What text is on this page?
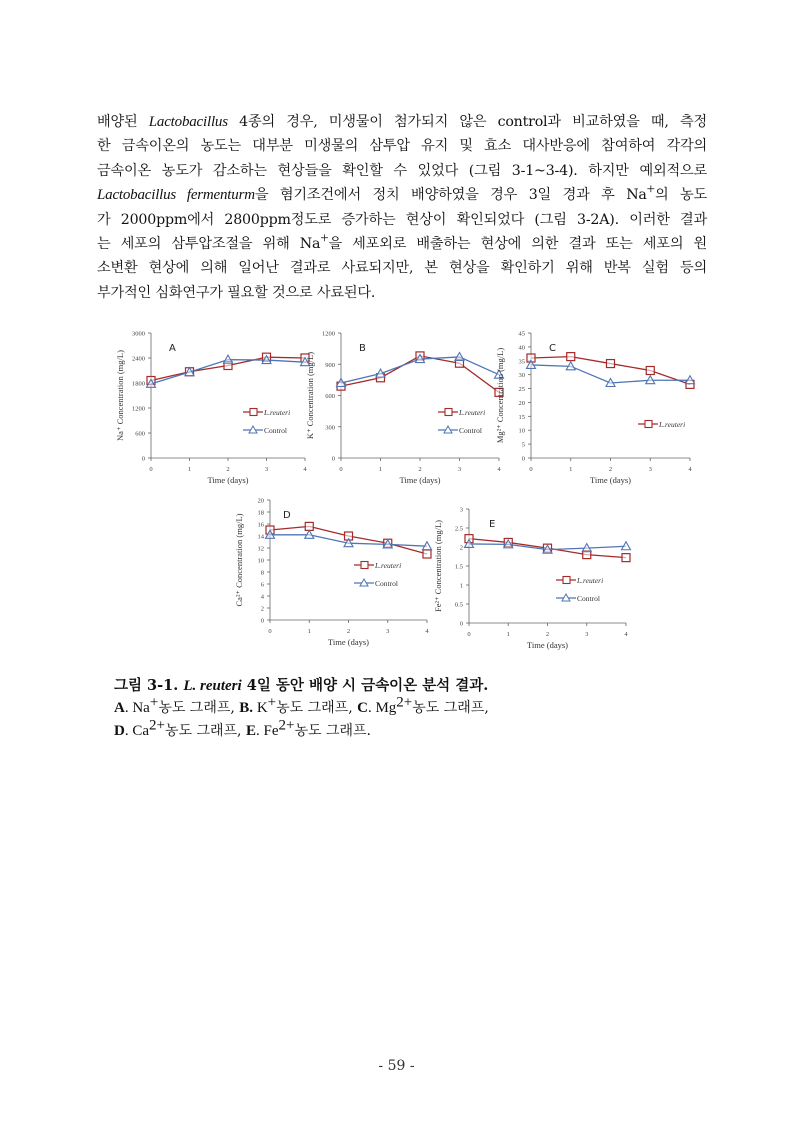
배양된 Lactobacillus 4종의 경우, 미생물이 첨가되지 않은 control과 비교하였을 때, 측정
한 금속이온의 농도는 대부분 미생물의 삼투압 유지 및 효소 대사반응에 참여하여 각각의
금속이온 농도가 감소하는 현상들을 확인할 수 있었다 (그림 3-1~3-4). 하지만 예외적으로
Lactobacillus fermenturm을 혐기조건에서 정치 배양하였을 경우 3일 경과 후 Na+의 농도
가 2000ppm에서 2800ppm정도로 증가하는 현상이 확인되었다 (그림 3-2A). 이러한 결과
는 세포의 삼투압조절을 위해 Na+을 세포외로 배출하는 현상에 의한 결과 또는 세포의 원
소변환 현상에 의해 일어난 결과로 사료되지만, 본 현상을 확인하기 위해 반복 실험 등의
부가적인 심화연구가 필요할 것으로 사료된다.
0
600
1200
1800
2400
3000
0	1	2	3	4
Time (days)
Na⁺ Concentration (mg/L)
A
L.reuteri
Control
0
300
600
900
1200
0	1	2	3	4
Time (days)
K⁺ Concentration (mg/L)
B
L.reuteri
Control
0
5
10
15
20
25
30
35
40
45
0	1	2	3	4
Time (days)
Mg²⁺ Concentration (mg/L)	C
L.reuteri
0
2
4
6
8
10
12
14
16
18
20
0	1	2	3	4
Time (days)
Ca²⁺ Concentration (mg/L)	D
L.reuteri
Control
0
0.5
1
1.5
2
2.5
3
0	1	2	3	4
Time (days)
Fe²⁺ Concentration (mg/L)	E
L.reuteri
Control
그림 3-1. L. reuteri 4일 동안 배양 시 금속이온 분석 결과.
A. Na+농도 그래프, B. K+농도 그래프, C. $Mg^{2+}$농도 그래프,
D. $Ca^{2+}$농도 그래프, E. $Fe^{2+}$농도 그래프.
- 59 -
